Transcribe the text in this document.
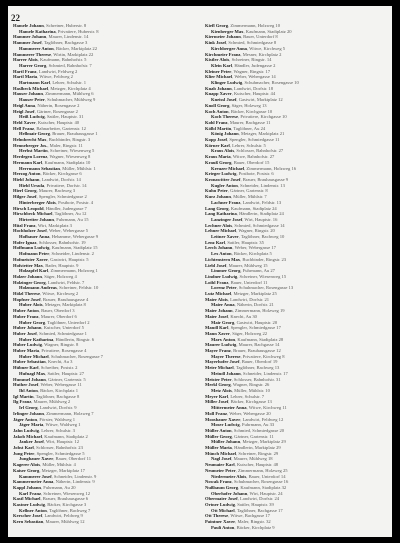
22
Hamele Johann, Schreiner, Huberstr. 8
Hamele Katharina, Privatiere, Huberstr. 8
Hammer Johann, Maurer, Lindenstr. 14
Hammer Josef, Taglöhner, Bachgasse 3
Hammerer Anton, Bäcker, Marktplatz 22
Hammerer Therese, Wirtin, Marktplatz 22
Harrer Alois, Kaufmann, Bahnhofstr. 5
Harrer Georg, Schmied, Bahnhofstr. 7
Hartl Franz, Landwirt, Feldweg 2
Hartl Maria, Witwe, Feldweg 2
Hartmann Karl, Lehrer, Schulstr. 1
Haslbeck Michael, Metzger, Kirchplatz 4
Hauser Johann, Zimmermann, Mühlweg 6
Hauser Peter, Schuhmacher, Mühlweg 9
Heigl Anna, Näherin, Rosengasse 2
Heigl Josef, Gärtner, Rosengasse 2
Heiß Ludwig, Sattler, Hauptstr. 31
Held Xaver, Kutscher, Hauptstr. 40
Hell Franz, Bahnarbeiter, Gartenstr. 12
Hellmair Georg, Brauer, Brauhausgasse 1
Helmbrecht Max, Buchbinder, Ringstr. 3
Henneberger Jos., Maler, Ringstr. 11
Herbst Martin, Schreiner, Wiesenweg 5
Herdegen Lorenz, Wagner, Wiesenweg 8
Hermann Karl, Kaufmann, Stadtplatz 10
Herrmann Sebastian, Müller, Mühlstr. 1
Herzog Anton, Bäcker, Kirchgasse 6
Hiebl Johann, Landwirt, Dorfstr. 14
Hiebl Ursula, Privatiere, Dorfstr. 14
Hierl Georg, Maurer, Bachweg 3
Hilger Josef, Spengler, Schmiedgasse 2
Hinterberger Alois, Postbote, Poststr. 4
Hirsch Leopold, Händler, Judengasse 7
Hirschbeck Michael, Taglöhner, Au 12
Hirtreiter Johann, Fuhrmann, Au 15
Hitzl Franz, Wirt, Marktplatz 3
Hochholzer Josef, Weber, Webergasse 5
Hofbauer Anna, Hebamme, Webergasse 9
Hofer Ignaz, Schlosser, Bahnhofstr. 19
Hoffmann Ludwig, Kaufmann, Stadtplatz 15
Hofmann Peter, Schneider, Lindenstr. 2
Hofmeister Xaver, Gastwirt, Hauptstr. 5
Hofstetter Max, Bader, Hauptstr. 9
Holzapfel Karl, Zimmermann, Holzweg 1
Holzer Johann, Säger, Holzweg 4
Holzinger Georg, Landwirt, Feldstr. 7
Holzmann Andreas, Schreiner, Feldstr. 10
Hölzl Therese, Witwe, Kirchweg 2
Hopfner Josef, Brauer, Brauhausgasse 4
Huber Alois, Metzger, Marktplatz 8
Huber Anton, Bauer, Oberdorf 3
Huber Franz, Maurer, Oberdorf 6
Huber Georg, Taglöhner, Unterdorf 2
Huber Johann, Kutscher, Unterdorf 5
Huber Josef, Schmied, Schmiedgasse 1
Huber Katharina, Händlerin, Ringstr. 6
Huber Ludwig, Wagner, Ringstr. 8
Huber Maria, Privatiere, Rosengasse 4
Huber Michael, Schuhmacher, Rosengasse 7
Huber Sebastian, Knecht, Au 3
Hübner Karl, Schreiber, Poststr. 2
Hufnagl Max, Sattler, Hauptstr. 27
Hummel Johann, Gärtner, Gartenstr. 5
Huther Josef, Weber, Webergasse 11
Ibl Anton, Bäcker, Kirchplatz 1
Igl Martin, Taglöhner, Bachgasse 8
Ilg Franz, Maurer, Mühlweg 2
Irl Georg, Landwirt, Dorfstr. 9
Irlinger Johann, Zimmermann, Holzweg 7
Jäger Anton, Förster, Waldweg 1
Jäger Maria, Witwe, Waldweg 1
Jahn Ludwig, Lehrer, Schulstr. 3
Jakob Michael, Kaufmann, Stadtplatz 2
Janker Josef, Wirt, Hauptstr. 12
Jobst Karl, Schlosser, Bahnhofstr. 23
Jung Peter, Spengler, Schmiedgasse 5
Jungbauer Xaver, Bauer, Oberdorf 11
Kagerer Alois, Müller, Mühlstr. 4
Kaiser Georg, Metzger, Marktplatz 17
Kammerer Josef, Schneider, Lindenstr. 9
Kammermeier Anna, Näherin, Lindenstr. 9
Kappl Johann, Fuhrmann, Au 20
Karl Franz, Schreiner, Wiesenweg 12
Kastl Michael, Brauer, Brauhausgasse 6
Kastner Ludwig, Bäcker, Kirchgasse 3
Kellner Anton, Taglöhner, Bachweg 7
Kerscher Josef, Landwirt, Feldweg 9
Kern Sebastian, Maurer, Mühlweg 12
Kiefl Georg, Zimmermann, Holzweg 10
Kienberger Max, Kaufmann, Stadtplatz 20
Kiermeier Johann, Bauer, Unterdorf 8
Kink Josef, Schmied, Schmiedgasse 8
Kirchberger Anna, Witwe, Kirchweg 5
Kirchmeier Franz, Mesner, Kirchplatz 2
Kistler Alois, Schreiner, Ringstr. 14
Klein Karl, Händler, Judengasse 2
Kleiner Peter, Wagner, Ringstr. 17
Klier Michael, Weber, Webergasse 14
Klinger Ludwig, Schuhmacher, Rosengasse 10
Knab Johann, Landwirt, Dorfstr. 18
Knapp Xaver, Kutscher, Hauptstr. 44
Kneissl Josef, Gastwirt, Marktplatz 12
Knoll Georg, Säger, Holzweg 13
Koch Anton, Bäcker, Kirchgasse 10
Koch Therese, Privatiere, Kirchgasse 10
Kohl Franz, Maurer, Bachgasse 11
Kölbl Martin, Taglöhner, Au 24
König Johann, Metzger, Marktplatz 21
Kopp Josef, Spengler, Schmiedgasse 11
Körner Karl, Lehrer, Schulstr. 5
Kraus Alois, Schlosser, Bahnhofstr. 27
Kraus Maria, Witwe, Bahnhofstr. 27
Krauß Georg, Bauer, Oberdorf 15
Kreuzer Michael, Zimmermann, Holzweg 16
Krieger Ludwig, Postbote, Poststr. 6
Kronawitter Josef, Brauer, Brauhausgasse 9
Kugler Anton, Schneider, Lindenstr. 13
Kuhn Peter, Gärtner, Gartenstr. 8
Kurz Johann, Müller, Mühlstr. 7
Lachner Franz, Landwirt, Feldstr. 13
Lang Georg, Kaufmann, Stadtplatz 24
Lang Katharina, Händlerin, Stadtplatz 24
Lanzinger Josef, Wirt, Hauptstr. 16
Lechner Alois, Schmied, Schmiedgasse 14
Lehner Michael, Wagner, Ringstr. 20
Leitner Xaver, Taglöhner, Bachweg 10
Lenz Karl, Sattler, Hauptstr. 35
Lerch Johann, Weber, Webergasse 17
Lex Anton, Bäcker, Kirchplatz 5
Lichtenstern Max, Buchbinder, Ringstr. 23
Liebl Josef, Maurer, Mühlweg 15
Limmer Georg, Fuhrmann, Au 27
Lindner Ludwig, Schreiner, Wiesenweg 15
Loibl Franz, Bauer, Unterdorf 11
Lorenz Peter, Schuhmacher, Rosengasse 13
Lutz Michael, Metzger, Marktplatz 25
Maier Alois, Landwirt, Dorfstr. 21
Maier Anna, Näherin, Dorfstr. 21
Maier Johann, Zimmermann, Holzweg 19
Maier Josef, Knecht, Au 30
Mair Georg, Gastwirt, Hauptstr. 20
Mandl Karl, Spengler, Schmiedgasse 17
Mann Xaver, Säger, Holzweg 22
Marx Anton, Kaufmann, Stadtplatz 28
Maurer Ludwig, Maurer, Bachgasse 14
Mayer Franz, Brauer, Brauhausgasse 12
Mayer Therese, Privatiere, Kirchweg 8
Mayerhofer Josef, Bauer, Oberdorf 19
Meier Michael, Taglöhner, Bachweg 13
Meindl Johann, Schneider, Lindenstr. 17
Meister Peter, Schlosser, Bahnhofstr. 31
Merkl Georg, Wagner, Ringstr. 26
Metz Alois, Müller, Mühlstr. 10
Meyer Karl, Lehrer, Schulstr. 7
Miller Josef, Bäcker, Kirchgasse 13
Mittermeier Anna, Witwe, Kirchweg 11
Moll Franz, Weber, Webergasse 20
Moosbauer Xaver, Landwirt, Feldweg 12
Moser Ludwig, Fuhrmann, Au 33
Müller Anton, Schmied, Schmiedgasse 20
Müller Georg, Gärtner, Gartenstr. 11
Müller Johann, Metzger, Marktplatz 29
Müller Maria, Händlerin, Marktplatz 29
Münch Michael, Schreiner, Ringstr. 29
Nagl Josef, Maurer, Mühlweg 18
Neumaier Karl, Kutscher, Hauptstr. 48
Neumeier Peter, Zimmermann, Holzweg 25
Niedermeier Alois, Bauer, Unterdorf 14
Nowak Franz, Schuhmacher, Rosengasse 16
Nußbaum Georg, Kaufmann, Stadtplatz 32
Oberhofer Johann, Wirt, Hauptstr. 24
Obermaier Josef, Landwirt, Dorfstr. 24
Ortner Ludwig, Sattler, Hauptstr. 39
Ott Michael, Taglöhner, Bachgasse 17
Ott Therese, Witwe, Bachgasse 17
Paintner Xaver, Maler, Ringstr. 32
Pauli Anton, Bäcker, Kirchplatz 9
